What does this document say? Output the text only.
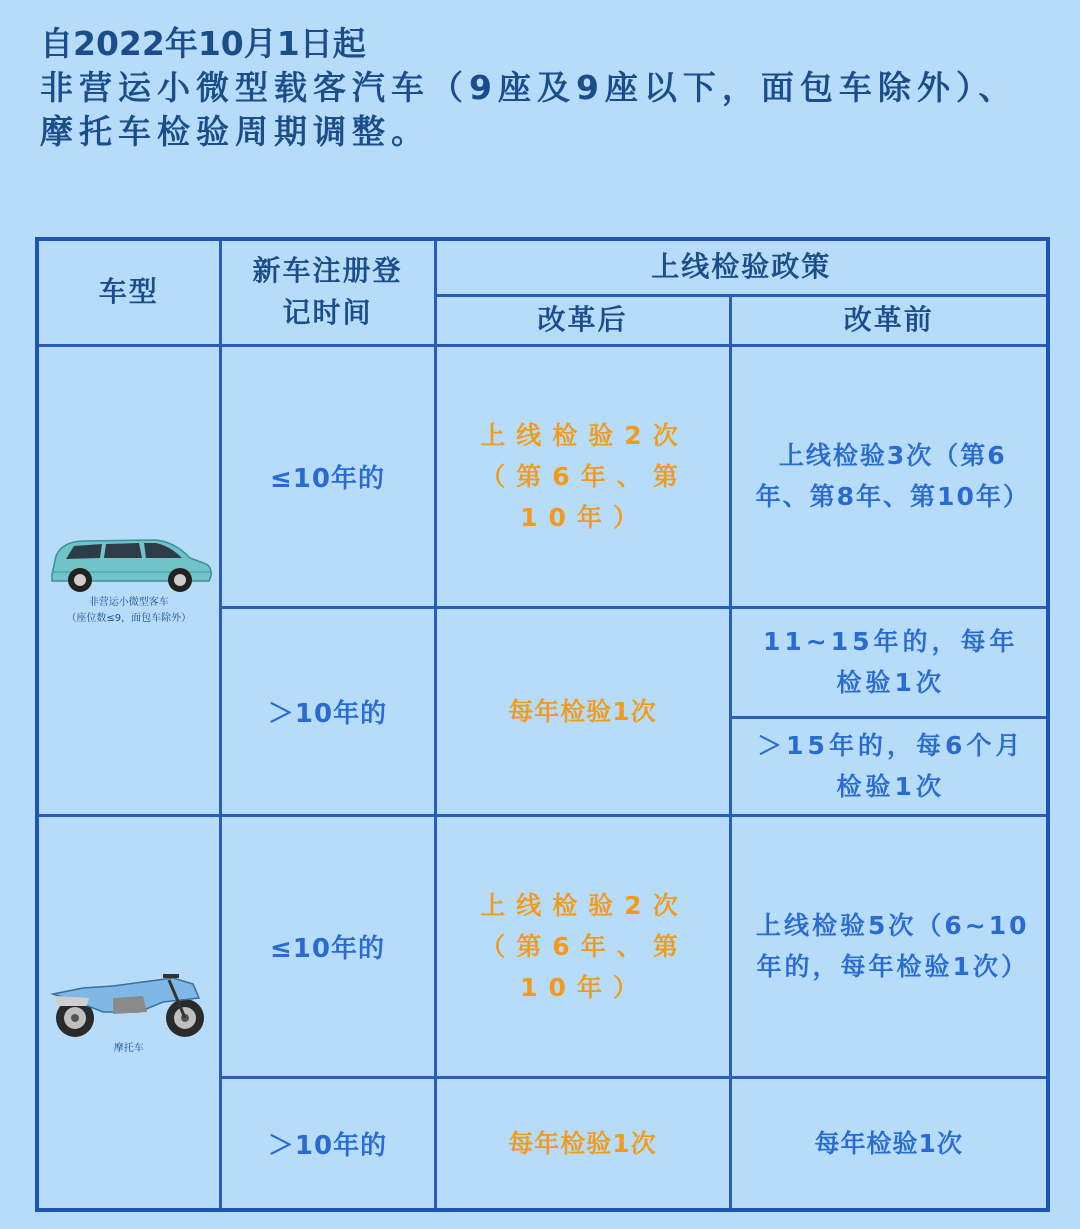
自2022年10月1日起
非营运小微型载客汽车（9座及9座以下，面包车除外）、摩托车检验周期调整。
车型	新车注册登记时间	上线检验政策	
		改革后	改革前

非营运小微型客车
（座位数≤9，面包车除外）	≤10年的	上线检验2次（第6年、第10年）	上线检验3次（第6年、第8年、第10年）
	＞10年的	每年检验1次	11~15年的，每年检验1次
			＞15年的，每6个月检验1次

摩托车	≤10年的	上线检验2次（第6年、第10年）	上线检验5次（6~10年的，每年检验1次）
	＞10年的	每年检验1次	每年检验1次
